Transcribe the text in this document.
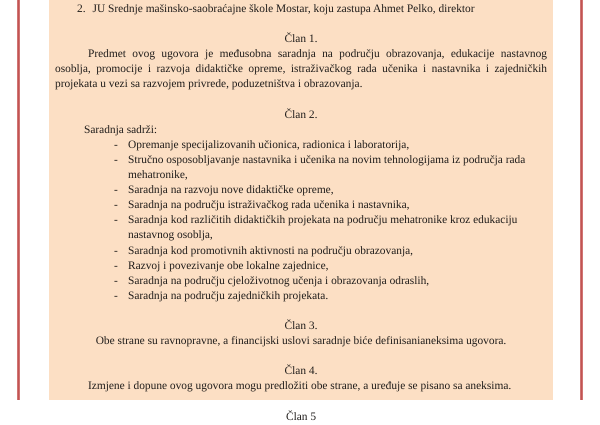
2. JU Srednje mašinsko-saobraćajne škole Mostar, koju zastupa Ahmet Pelko, direktor
Član 1.

Predmet ovog ugovora je međusobna saradnja na području obrazovanja, edukacije nastavnog osoblja, promocije i razvoja didaktičke opreme, istraživačkog rada učenika i nastavnika i zajedničkih projekata u vezi sa razvojem privrede, poduzetništva i obrazovanja.

Član 2.

Saradnja sadrži:

- Opremanje specijalizovanih učionica, radionica i laboratorija,
- Stručno osposobljavanje nastavnika i učenika na novim tehnologijama iz područja rada mehatronike,
- Saradnja na razvoju nove didaktičke opreme,
- Saradnja na području istraživačkog rada učenika i nastavnika,
- Saradnja kod različitih didaktičkih projekata na području mehatronike kroz edukaciju nastavnog osoblja,
- Saradnja kod promotivnih aktivnosti na području obrazovanja,
- Razvoj i povezivanje obe lokalne zajednice,
- Saradnja na području cjeloživotnog učenja i obrazovanja odraslih,
- Saradnja na području zajedničkih projekata.
Član 3.

Obe strane su ravnopravne, a financijski uslovi saradnje biće definisanianeksima ugovora.

Član 4.

Izmjene i dopune ovog ugovora mogu predložiti obe strane, a uređuje se pisano sa aneksima.

Član 5
